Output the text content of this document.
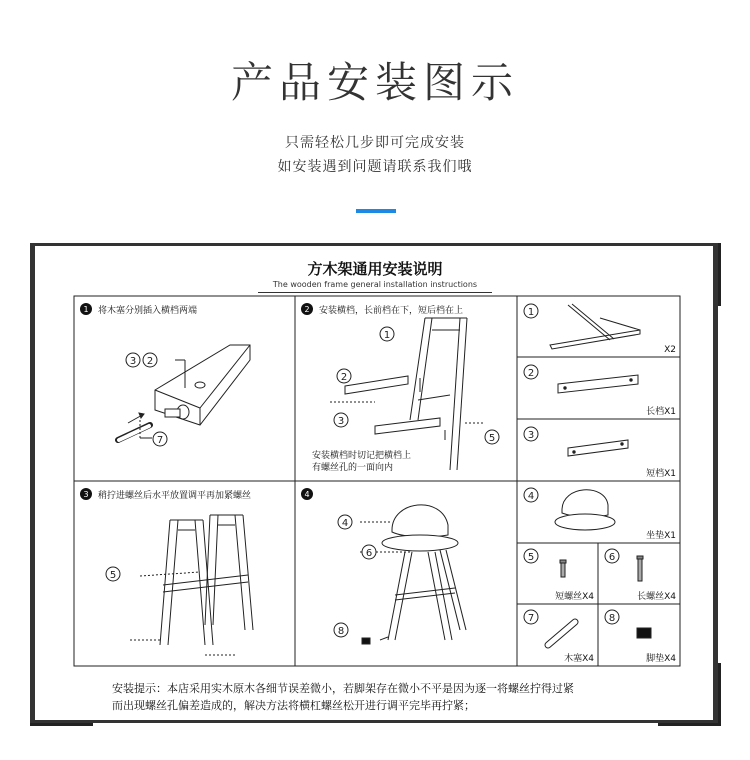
产品安装图示
只需轻松几步即可完成安装
如安装遇到问题请联系我们哦
方木架通用安装说明
The wooden frame general installation instructions
1	2
3	4
3 2
7
1
2
3
5
5
4
6
8
1
2
3
4
5	6
7	8
X2
长档X1
短档X1
坐垫X1
短螺丝X4	长螺丝X4
木塞X4	脚垫X4
将木塞分别插入横档两端	安装横档，长前档在下，短后档在上
安装横档时切记把横档上
有螺丝孔的一面向内
稍拧进螺丝后水平放置调平再加紧螺丝
安装提示：本店采用实木原木各细节误差微小，若脚架存在微小不平是因为逐一将螺丝拧得过紧
而出现螺丝孔偏差造成的，解决方法将横杠螺丝松开进行调平完毕再拧紧；
